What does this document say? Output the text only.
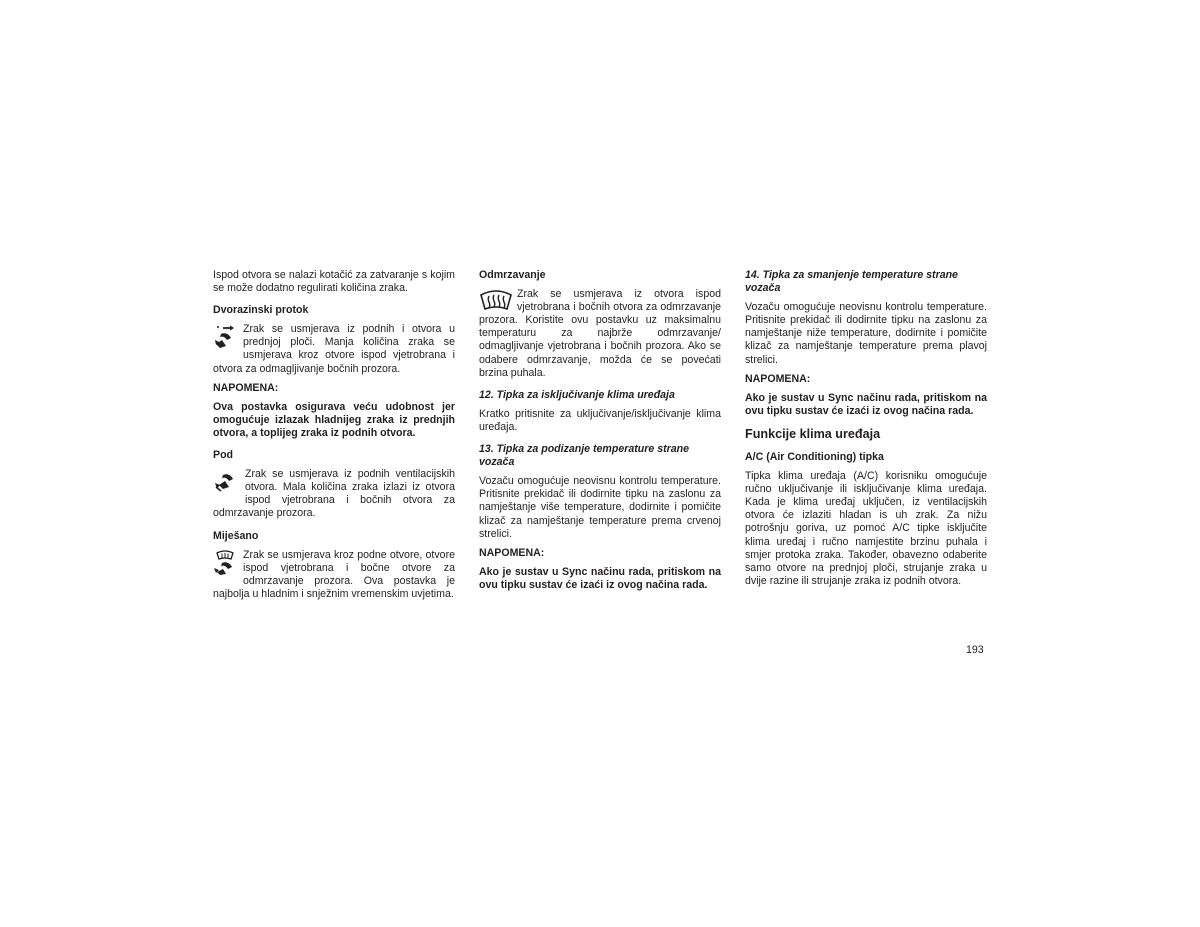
Ispod otvora se nalazi kotačić za zatvaranje s kojim se može dodatno regulirati količina zraka.

Dvorazinski protok

Zrak se usmjerava iz podnih i otvora u prednjoj ploči. Manja količina zraka se usmjerava kroz otvore ispod vjetrobrana i otvora za odmagljivanje bočnih prozora.

NAPOMENA:

Ova postavka osigurava veću udobnost jer omogućuje izlazak hladnijeg zraka iz prednjih otvora, a toplijeg zraka iz podnih otvora.

Pod

Zrak se usmjerava iz podnih ventilacijskih otvora. Mala količina zraka izlazi iz otvora ispod vjetrobrana i bočnih otvora za odmrzavanje prozora.

Miješano

Zrak se usmjerava kroz podne otvore, otvore ispod vjetrobrana i bočne otvore za odmrzavanje prozora. Ova postavka je najbolja u hladnim i snježnim vremenskim uvjetima.

Odmrzavanje

Zrak se usmjerava iz otvora ispod vjetrobrana i bočnih otvora za odmrzavanje prozora. Koristite ovu postavku uz maksimalnu temperaturu za najbrže odmrzavanje/ odmagljivanje vjetrobrana i bočnih prozora. Ako se odabere odmrzavanje, možda će se povećati brzina puhala.

12. Tipka za isključivanje klima uređaja

Kratko pritisnite za uključivanje/isključivanje klima uređaja.

13. Tipka za podizanje temperature strane vozača

Vozaču omogućuje neovisnu kontrolu temperature. Pritisnite prekidač ili dodirnite tipku na zaslonu za namještanje više temperature, dodirnite i pomičite klizač za namještanje temperature prema crvenoj strelici.

NAPOMENA:

Ako je sustav u Sync načinu rada, pritiskom na ovu tipku sustav će izaći iz ovog načina rada.

14. Tipka za smanjenje temperature strane vozača

Vozaču omogućuje neovisnu kontrolu temperature. Pritisnite prekidač ili dodirnite tipku na zaslonu za namještanje niže temperature, dodirnite i pomičite klizač za namještanje temperature prema plavoj strelici.

NAPOMENA:

Ako je sustav u Sync načinu rada, pritiskom na ovu tipku sustav će izaći iz ovog načina rada.

Funkcije klima uređaja

A/C (Air Conditioning) tipka

Tipka klima uređaja (A/C) korisniku omogućuje ručno uključivanje ili isključivanje klima uređaja. Kada je klima uređaj uključen, iz ventilacijskih otvora će izlaziti hladan is uh zrak. Za nižu potrošnju goriva, uz pomoć A/C tipke isključite klima uređaj i ručno namjestite brzinu puhala i smjer protoka zraka. Također, obavezno odaberite samo otvore na prednjoj ploči, strujanje zraka u dvije razine ili strujanje zraka iz podnih otvora.

193
